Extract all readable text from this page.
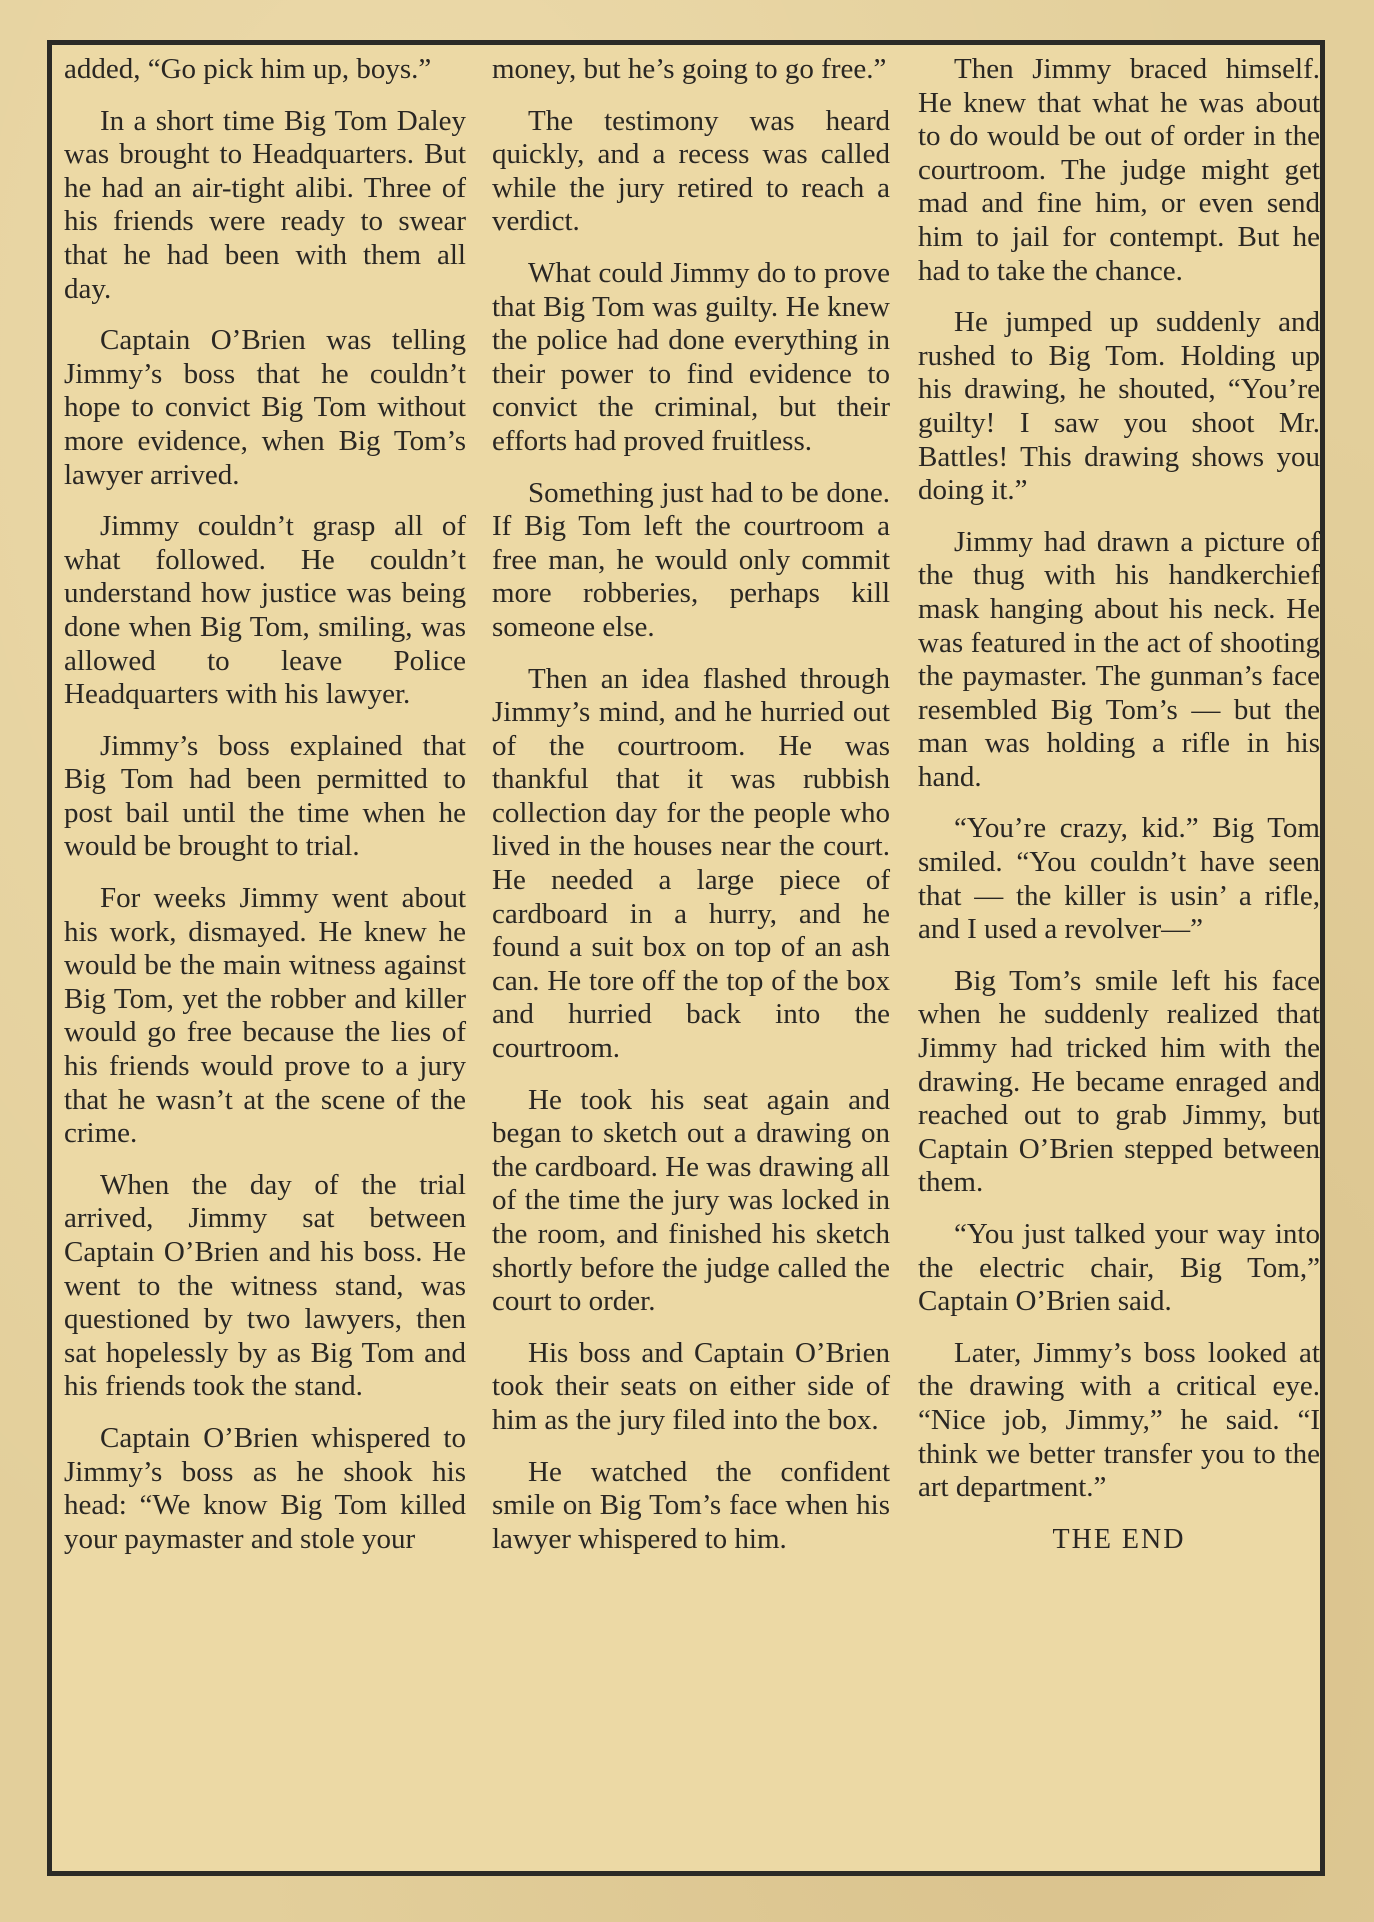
added, “Go pick him up, boys.”

In a short time Big Tom Daley was brought to Headquarters. But he had an air-tight alibi. Three of his friends were ready to swear that he had been with them all day.

Captain O’Brien was telling Jimmy’s boss that he couldn’t hope to convict Big Tom without more evidence, when Big Tom’s lawyer arrived.

Jimmy couldn’t grasp all of what followed. He couldn’t understand how justice was being done when Big Tom, smiling, was allowed to leave Police Headquarters with his lawyer.

Jimmy’s boss explained that Big Tom had been permitted to post bail until the time when he would be brought to trial.

For weeks Jimmy went about his work, dismayed. He knew he would be the main witness against Big Tom, yet the robber and killer would go free because the lies of his friends would prove to a jury that he wasn’t at the scene of the crime.

When the day of the trial arrived, Jimmy sat between Captain O’Brien and his boss. He went to the witness stand, was questioned by two lawyers, then sat hopelessly by as Big Tom and his friends took the stand.

Captain O’Brien whispered to Jimmy’s boss as he shook his head: “We know Big Tom killed your paymaster and stole your

money, but he’s going to go free.”

The testimony was heard quickly, and a recess was called while the jury retired to reach a verdict.

What could Jimmy do to prove that Big Tom was guilty. He knew the police had done everything in their power to find evidence to convict the criminal, but their efforts had proved fruitless.

Something just had to be done. If Big Tom left the courtroom a free man, he would only commit more robberies, perhaps kill someone else.

Then an idea flashed through Jimmy’s mind, and he hurried out of the courtroom. He was thankful that it was rubbish collection day for the people who lived in the houses near the court. He needed a large piece of cardboard in a hurry, and he found a suit box on top of an ash can. He tore off the top of the box and hurried back into the courtroom.

He took his seat again and began to sketch out a drawing on the cardboard. He was drawing all of the time the jury was locked in the room, and finished his sketch shortly before the judge called the court to order.

His boss and Captain O’Brien took their seats on either side of him as the jury filed into the box.

He watched the confident smile on Big Tom’s face when his lawyer whispered to him.

Then Jimmy braced himself. He knew that what he was about to do would be out of order in the courtroom. The judge might get mad and fine him, or even send him to jail for contempt. But he had to take the chance.

He jumped up suddenly and rushed to Big Tom. Holding up his drawing, he shouted, “You’re guilty! I saw you shoot Mr. Battles! This drawing shows you doing it.”

Jimmy had drawn a picture of the thug with his handkerchief mask hanging about his neck. He was featured in the act of shooting the paymaster. The gunman’s face resembled Big Tom’s — but the man was holding a rifle in his hand.

“You’re crazy, kid.” Big Tom smiled. “You couldn’t have seen that — the killer is usin’ a rifle, and I used a revolver—”

Big Tom’s smile left his face when he suddenly realized that Jimmy had tricked him with the drawing. He became enraged and reached out to grab Jimmy, but Captain O’Brien stepped between them.

“You just talked your way into the electric chair, Big Tom,” Captain O’Brien said.

Later, Jimmy’s boss looked at the drawing with a critical eye. “Nice job, Jimmy,” he said. “I think we better transfer you to the art department.”

THE END
